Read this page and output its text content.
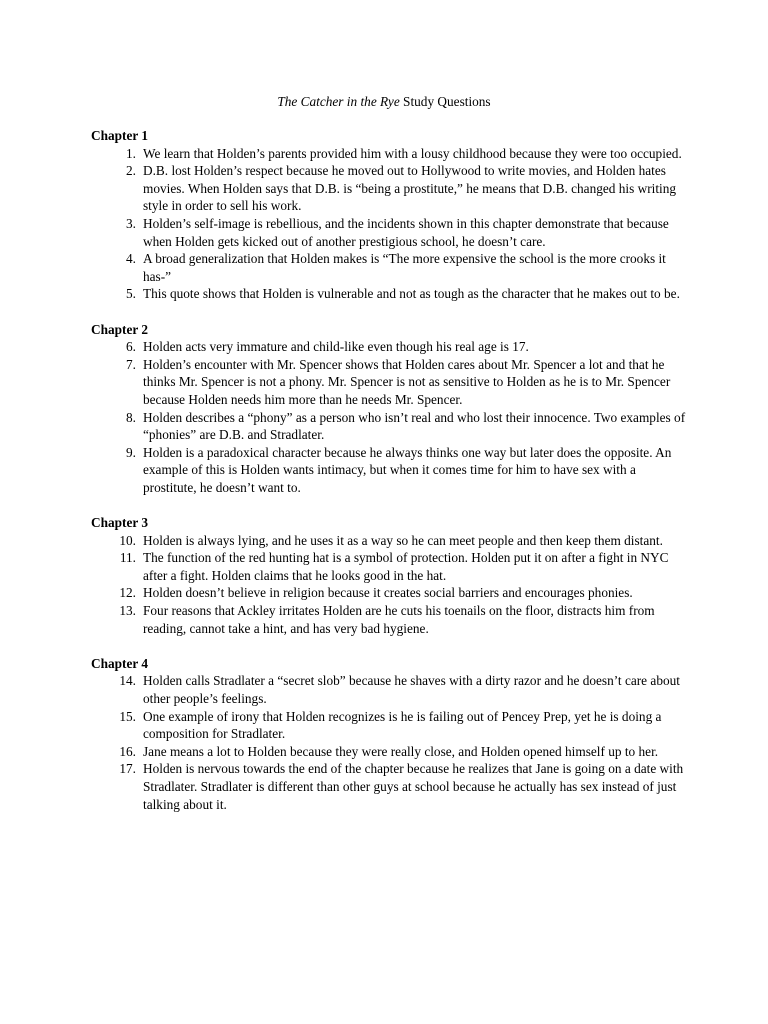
The Catcher in the Rye Study Questions
Chapter 1
1. We learn that Holden’s parents provided him with a lousy childhood because they were too occupied.
2. D.B. lost Holden’s respect because he moved out to Hollywood to write movies, and Holden hates movies. When Holden says that D.B. is “being a prostitute,” he means that D.B. changed his writing style in order to sell his work.
3. Holden’s self-image is rebellious, and the incidents shown in this chapter demonstrate that because when Holden gets kicked out of another prestigious school, he doesn’t care.
4. A broad generalization that Holden makes is “The more expensive the school is the more crooks it has-”
5. This quote shows that Holden is vulnerable and not as tough as the character that he makes out to be.
Chapter 2
6. Holden acts very immature and child-like even though his real age is 17.
7. Holden’s encounter with Mr. Spencer shows that Holden cares about Mr. Spencer a lot and that he thinks Mr. Spencer is not a phony. Mr. Spencer is not as sensitive to Holden as he is to Mr. Spencer because Holden needs him more than he needs Mr. Spencer.
8. Holden describes a “phony” as a person who isn’t real and who lost their innocence. Two examples of “phonies” are D.B. and Stradlater.
9. Holden is a paradoxical character because he always thinks one way but later does the opposite. An example of this is Holden wants intimacy, but when it comes time for him to have sex with a prostitute, he doesn’t want to.
Chapter 3
10. Holden is always lying, and he uses it as a way so he can meet people and then keep them distant.
11. The function of the red hunting hat is a symbol of protection. Holden put it on after a fight in NYC after a fight. Holden claims that he looks good in the hat.
12. Holden doesn’t believe in religion because it creates social barriers and encourages phonies.
13. Four reasons that Ackley irritates Holden are he cuts his toenails on the floor, distracts him from reading, cannot take a hint, and has very bad hygiene.
Chapter 4
14. Holden calls Stradlater a “secret slob” because he shaves with a dirty razor and he doesn’t care about other people’s feelings.
15. One example of irony that Holden recognizes is he is failing out of Pencey Prep, yet he is doing a composition for Stradlater.
16. Jane means a lot to Holden because they were really close, and Holden opened himself up to her.
17. Holden is nervous towards the end of the chapter because he realizes that Jane is going on a date with Stradlater. Stradlater is different than other guys at school because he actually has sex instead of just talking about it.
